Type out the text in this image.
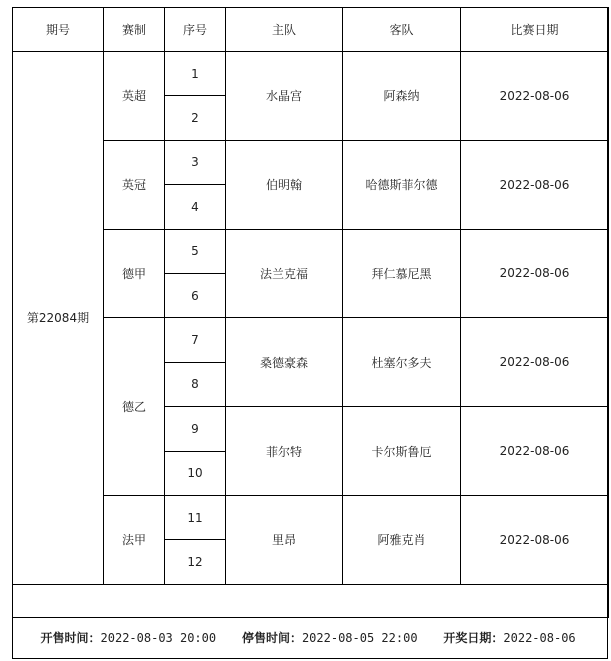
期号	赛制	序号	主队	客队	比赛日期
第22084期	英超	1	水晶宫	阿森纳	2022-08-06
		2			
	英冠	3	伯明翰	哈德斯菲尔德	2022-08-06
		4			
	德甲	5	法兰克福	拜仁慕尼黑	2022-08-06
		6			
	德乙	7	桑德豪森	杜塞尔多夫	2022-08-06
		8			
		9	菲尔特	卡尔斯鲁厄	2022-08-06
		10			
	法甲	11	里昂	阿雅克肖	2022-08-06
		12			

开售时间：2022-08-03 20:00 停售时间：2022-08-05 22:00 开奖日期：2022-08-06					
